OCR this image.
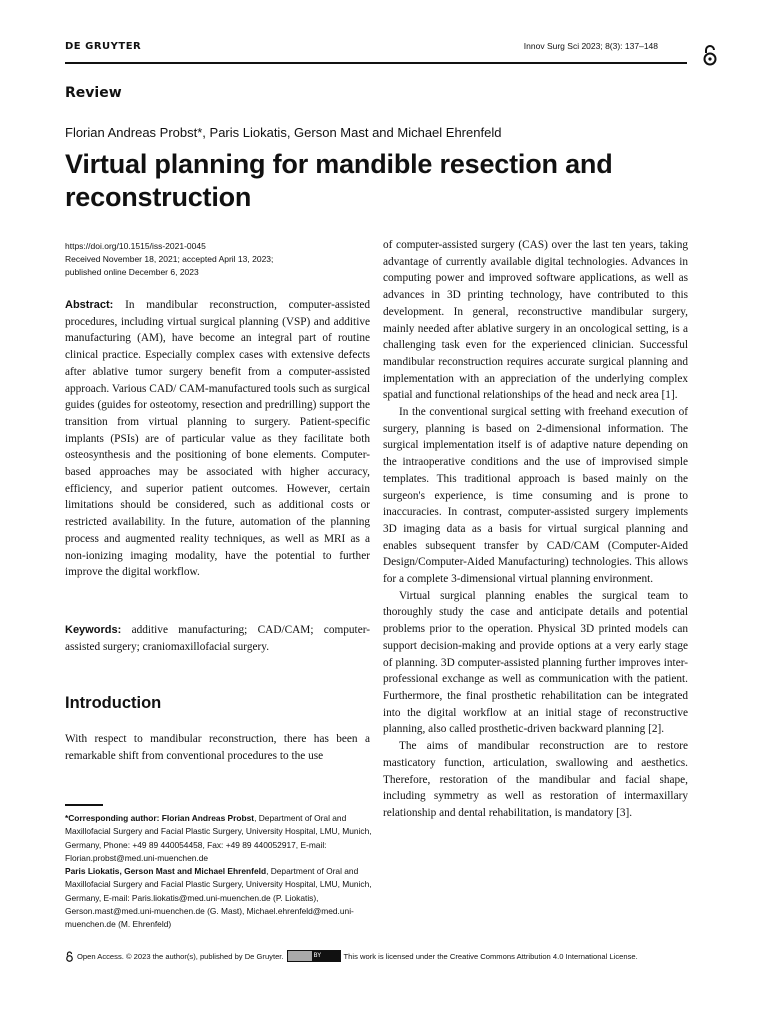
DE GRUYTER	Innov Surg Sci 2023; 8(3): 137–148
Review
Florian Andreas Probst*, Paris Liokatis, Gerson Mast and Michael Ehrenfeld
Virtual planning for mandible resection and reconstruction
https://doi.org/10.1515/iss-2021-0045
Received November 18, 2021; accepted April 13, 2023;
published online December 6, 2023

Abstract: In mandibular reconstruction, computer-assisted procedures, including virtual surgical planning (VSP) and additive manufacturing (AM), have become an integral part of routine clinical practice. Especially complex cases with extensive defects after ablative tumor surgery benefit from a computer-assisted approach. Various CAD/ CAM-manufactured tools such as surgical guides (guides for osteotomy, resection and predrilling) support the transition from virtual planning to surgery. Patient-specific implants (PSIs) are of particular value as they facilitate both osteosynthesis and the positioning of bone elements. Computer-based approaches may be associated with higher accuracy, efficiency, and superior patient outcomes. However, certain limitations should be considered, such as additional costs or restricted availability. In the future, automation of the planning process and augmented reality techniques, as well as MRI as a non-ionizing imaging modality, have the potential to further improve the digital workflow.

Keywords: additive manufacturing; CAD/CAM; computer-assisted surgery; craniomaxillofacial surgery.

Introduction

With respect to mandibular reconstruction, there has been a remarkable shift from conventional procedures to the use

*Corresponding author: Florian Andreas Probst, Department of Oral and Maxillofacial Surgery and Facial Plastic Surgery, University Hospital, LMU, Munich, Germany, Phone: +49 89 440054458, Fax: +49 89 440052917, E-mail: Florian.probst@med.uni-muenchen.de
Paris Liokatis, Gerson Mast and Michael Ehrenfeld, Department of Oral and Maxillofacial Surgery and Facial Plastic Surgery, University Hospital, LMU, Munich, Germany, E-mail: Paris.liokatis@med.uni-muenchen.de (P. Liokatis), Gerson.mast@med.uni-muenchen.de (G. Mast), Michael.ehrenfeld@med.uni-muenchen.de (M. Ehrenfeld)

of computer-assisted surgery (CAS) over the last ten years, taking advantage of currently available digital technologies. Advances in computing power and improved software applications, as well as advances in 3D printing technology, have contributed to this development. In general, reconstructive mandibular surgery, mainly needed after ablative surgery in an oncological setting, is a challenging task even for the experienced clinician. Successful mandibular reconstruction requires accurate surgical planning and implementation with an appreciation of the underlying complex spatial and functional relationships of the head and neck area [1].

In the conventional surgical setting with freehand execution of surgery, planning is based on 2-dimensional information. The surgical implementation itself is of adaptive nature depending on the intraoperative conditions and the use of improvised simple templates. This traditional approach is based mainly on the surgeon's experience, is time consuming and is prone to inaccuracies. In contrast, computer-assisted surgery implements 3D imaging data as a basis for virtual surgical planning and enables subsequent transfer by CAD/CAM (Computer-Aided Design/Computer-Aided Manufacturing) technologies. This allows for a complete 3-dimensional virtual planning environment.

Virtual surgical planning enables the surgical team to thoroughly study the case and anticipate details and potential problems prior to the operation. Physical 3D printed models can support decision-making and provide options at a very early stage of planning. 3D computer-assisted planning further improves inter-professional exchange as well as communication with the patient. Furthermore, the final prosthetic rehabilitation can be integrated into the digital workflow at an initial stage of reconstructive planning, also called prosthetic-driven backward planning [2].

The aims of mandibular reconstruction are to restore masticatory function, articulation, swallowing and aesthetics. Therefore, restoration of the mandibular and facial shape, including symmetry as well as restoration of intermaxillary relationship and dental rehabilitation, is mandatory [3].

Open Access. © 2023 the author(s), published by De Gruyter.	BY	This work is licensed under the Creative Commons Attribution 4.0 International License.
